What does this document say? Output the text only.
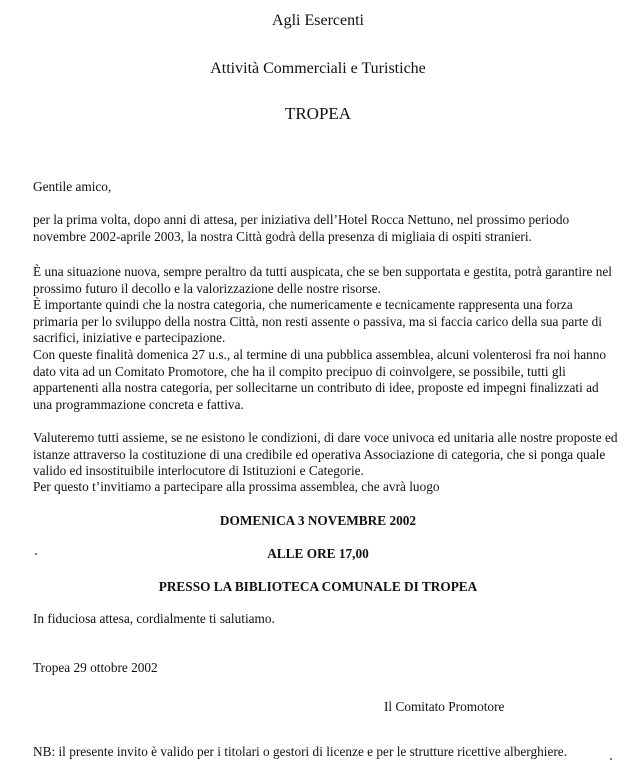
Agli Esercenti
Attività Commerciali e Turistiche
TROPEA

Gentile amico,

per la prima volta, dopo anni di attesa, per iniziativa dell’Hotel Rocca Nettuno, nel prossimo periodo novembre 2002-aprile 2003, la nostra Città godrà della presenza di migliaia di ospiti stranieri.

È una situazione nuova, sempre peraltro da tutti auspicata, che se ben supportata e gestita, potrà garantire nel prossimo futuro il decollo e la valorizzazione delle nostre risorse.

È importante quindi che la nostra categoria, che numericamente e tecnicamente rappresenta una forza primaria per lo sviluppo della nostra Città, non resti assente o passiva, ma si faccia carico della sua parte di sacrifici, iniziative e partecipazione.

Con queste finalità domenica 27 u.s., al termine di una pubblica assemblea, alcuni volenterosi fra noi hanno dato vita ad un Comitato Promotore, che ha il compito precipuo di coinvolgere, se possibile, tutti gli appartenenti alla nostra categoria, per sollecitarne un contributo di idee, proposte ed impegni finalizzati ad una programmazione concreta e fattiva.

Valuteremo tutti assieme, se ne esistono le condizioni, di dare voce univoca ed unitaria alle nostre proposte ed istanze attraverso la costituzione di una credibile ed operativa Associazione di categoria, che si ponga quale valido ed insostituibile interlocutore di Istituzioni e Categorie.

Per questo t’invitiamo a partecipare alla prossima assemblea, che avrà luogo

DOMENICA 3 NOVEMBRE 2002
ALLE ORE 17,00
PRESSO LA BIBLIOTECA COMUNALE DI TROPEA

In fiduciosa attesa, cordialmente ti salutiamo.

Tropea 29 ottobre 2002

Il Comitato Promotore
NB: il presente invito è valido per i titolari o gestori di licenze e per le strutture ricettive alberghiere.
